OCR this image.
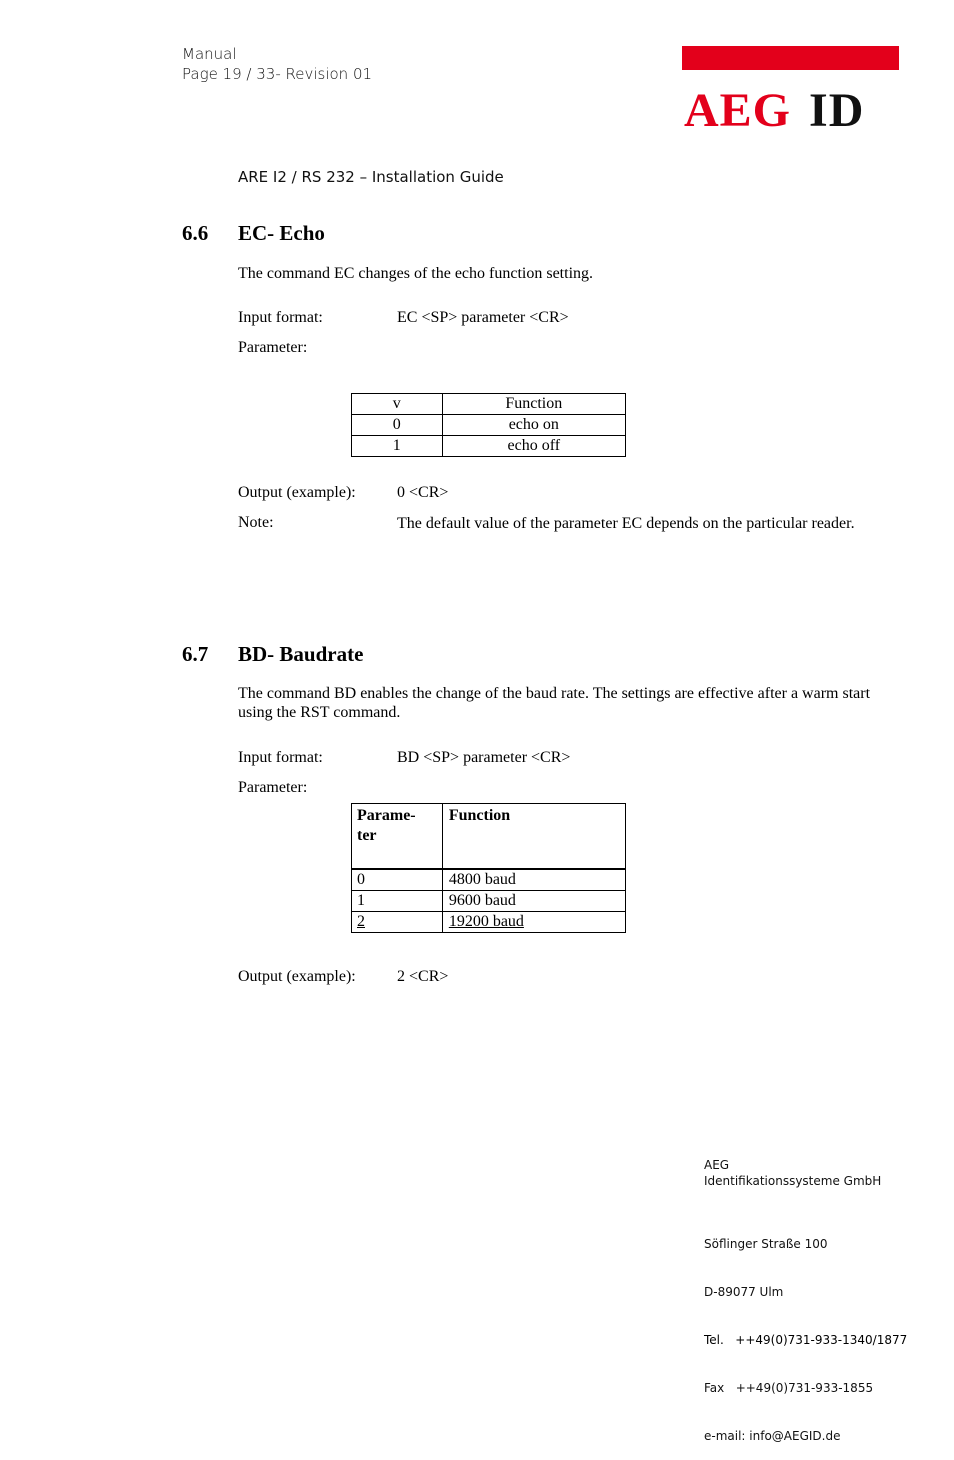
Manual
Page 19 / 33- Revision 01
AEG ID
ARE I2 / RS 232 – Installation Guide
6.6 EC- Echo
The command EC changes of the echo function setting.
Input format:	EC <SP> parameter <CR>
Parameter:
v	Function
0	echo on
1	echo off
Output (example):	0 <CR>
Note:	The default value of the parameter EC depends on the particular reader.
6.7 BD- Baudrate
The command BD enables the change of the baud rate. The settings are effective after a warm start using the RST command.
Input format:	BD <SP> parameter <CR>
Parameter:
Parame-
ter	Function
0	4800 baud
1	9600 baud
2	19200 baud
Output (example):	2 <CR>
AEG
Identifikationssysteme GmbH

Söflinger Straße 100

D-89077 Ulm

Tel.   ++49(0)731-933-1340/1877

Fax   ++49(0)731-933-1855

e-mail: info@AEGID.de
